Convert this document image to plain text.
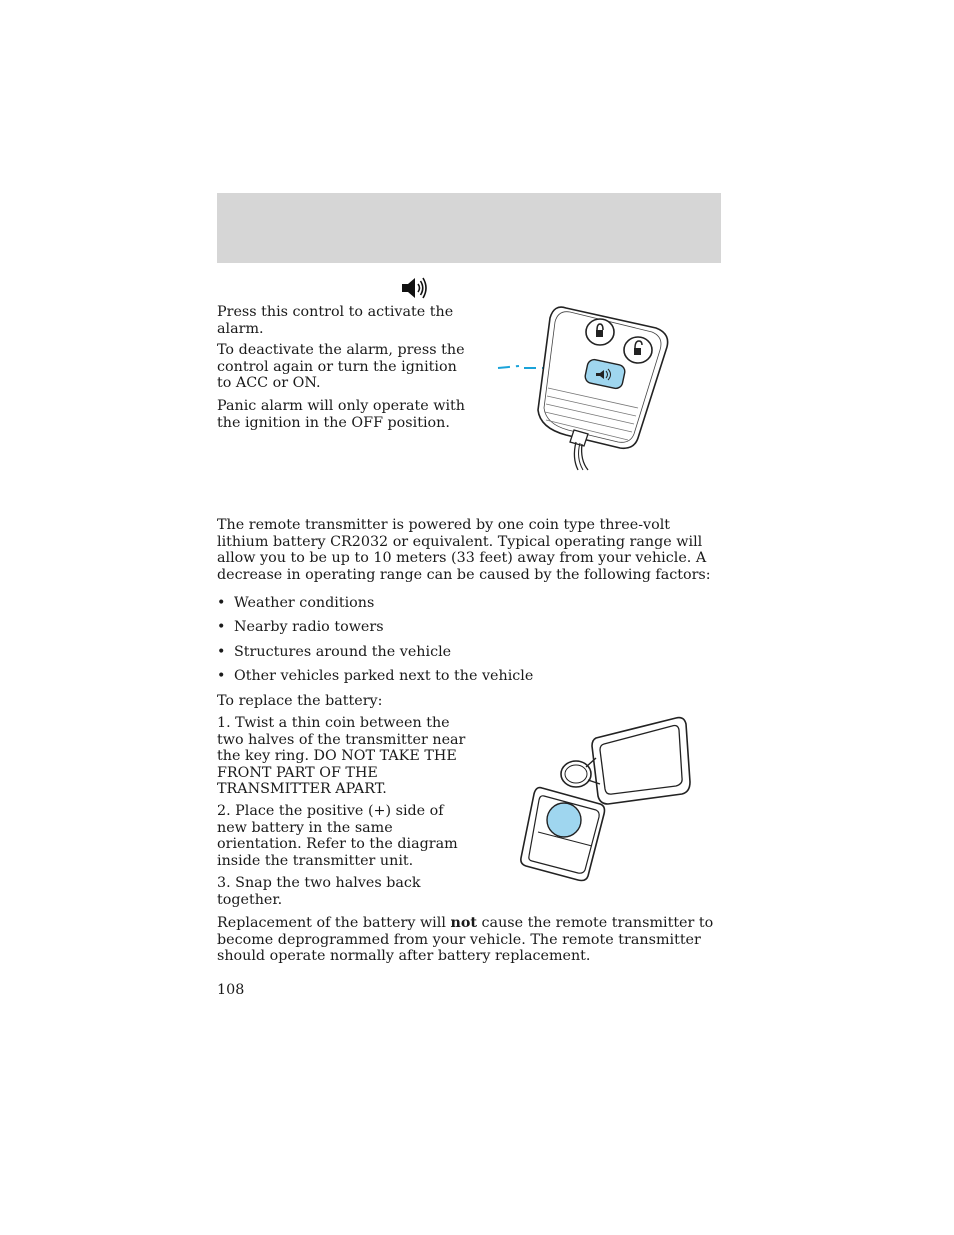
Press this control to activate the alarm.

To deactivate the alarm, press the control again or turn the ignition to ACC or ON.

Panic alarm will only operate with the ignition in the OFF position.

The remote transmitter is powered by one coin type three-volt lithium battery CR2032 or equivalent. Typical operating range will allow you to be up to 10 meters (33 feet) away from your vehicle. A decrease in operating range can be caused by the following factors:

• Weather conditions
• Nearby radio towers
• Structures around the vehicle
• Other vehicles parked next to the vehicle

To replace the battery:

1. Twist a thin coin between the two halves of the transmitter near the key ring. DO NOT TAKE THE FRONT PART OF THE TRANSMITTER APART.

2. Place the positive (+) side of new battery in the same orientation. Refer to the diagram inside the transmitter unit.

3. Snap the two halves back together.

Replacement of the battery will not cause the remote transmitter to become deprogrammed from your vehicle. The remote transmitter should operate normally after battery replacement.

108
